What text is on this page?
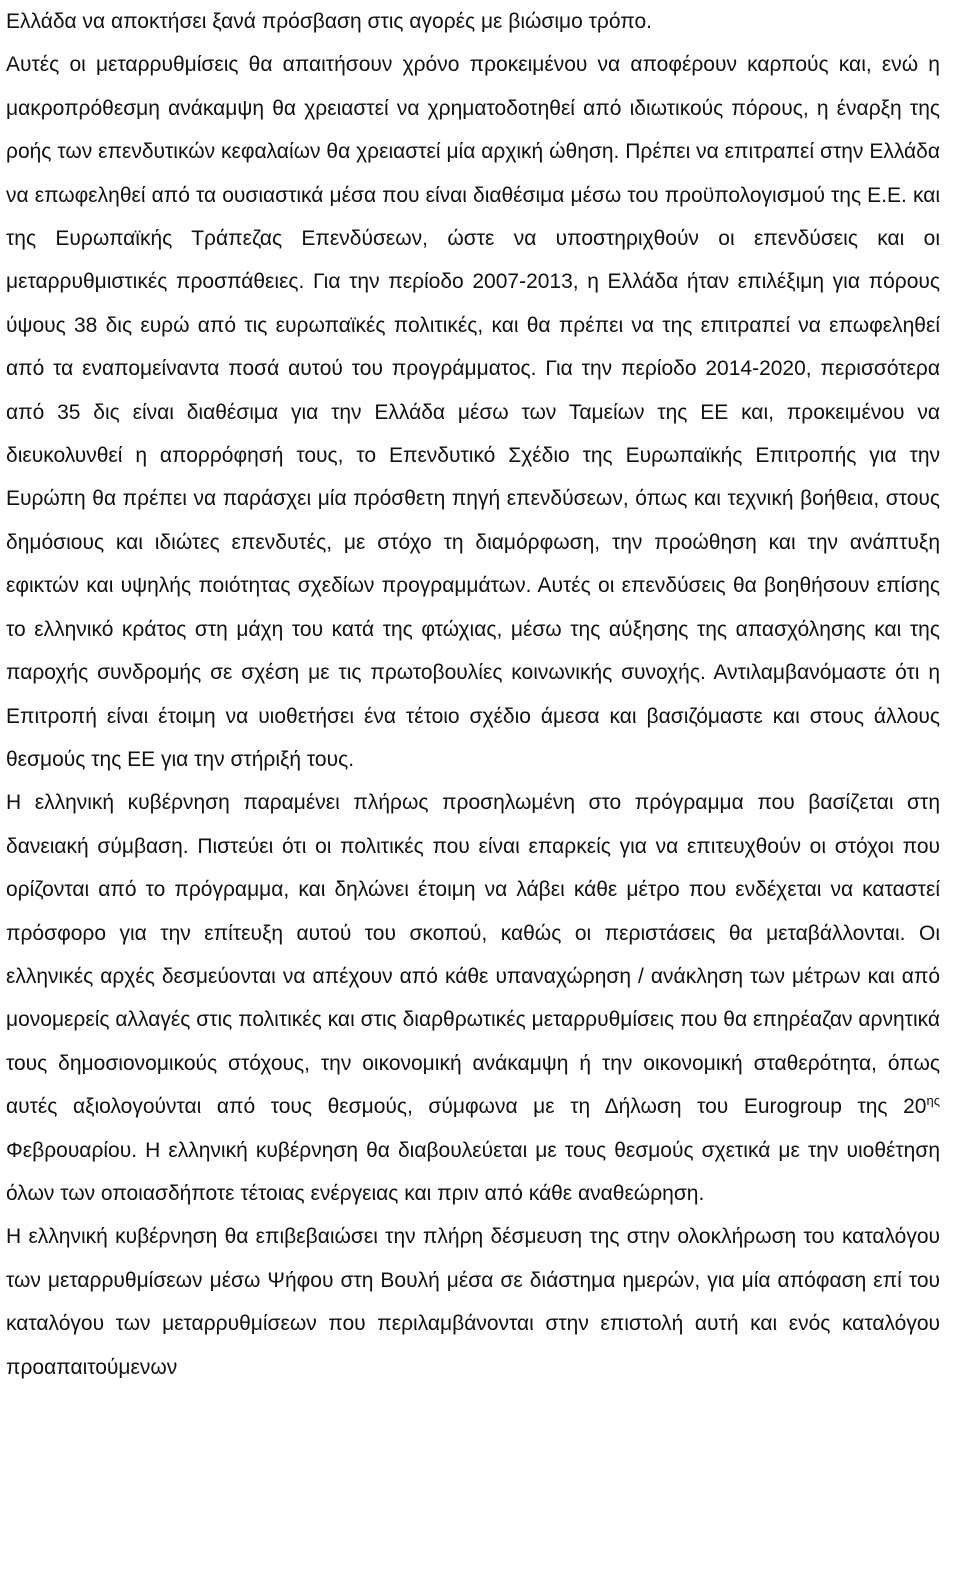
Ελλάδα να αποκτήσει ξανά πρόσβαση στις αγορές με βιώσιμο τρόπο.

Αυτές οι μεταρρυθμίσεις θα απαιτήσουν χρόνο προκειμένου να αποφέρουν καρπούς και, ενώ η μακροπρόθεσμη ανάκαμψη θα χρειαστεί να χρηματοδοτηθεί από ιδιωτικούς πόρους, η έναρξη της ροής των επενδυτικών κεφαλαίων θα χρειαστεί μία αρχική ώθηση. Πρέπει να επιτραπεί στην Ελλάδα να επωφεληθεί από τα ουσιαστικά μέσα που είναι διαθέσιμα μέσω του προϋπολογισμού της Ε.Ε. και της Ευρωπαϊκής Τράπεζας Επενδύσεων, ώστε να υποστηριχθούν οι επενδύσεις και οι μεταρρυθμιστικές προσπάθειες. Για την περίοδο 2007-2013, η Ελλάδα ήταν επιλέξιμη για πόρους ύψους 38 δις ευρώ από τις ευρωπαϊκές πολιτικές, και θα πρέπει να της επιτραπεί να επωφεληθεί από τα εναπομείναντα ποσά αυτού του προγράμματος. Για την περίοδο 2014-2020, περισσότερα από 35 δις είναι διαθέσιμα για την Ελλάδα μέσω των Ταμείων της ΕΕ και, προκειμένου να διευκολυνθεί η απορρόφησή τους, το Επενδυτικό Σχέδιο της Ευρωπαϊκής Επιτροπής για την Ευρώπη θα πρέπει να παράσχει μία πρόσθετη πηγή επενδύσεων, όπως και τεχνική βοήθεια, στους δημόσιους και ιδιώτες επενδυτές, με στόχο τη διαμόρφωση, την προώθηση και την ανάπτυξη εφικτών και υψηλής ποιότητας σχεδίων προγραμμάτων. Αυτές οι επενδύσεις θα βοηθήσουν επίσης το ελληνικό κράτος στη μάχη του κατά της φτώχιας, μέσω της αύξησης της απασχόλησης και της παροχής συνδρομής σε σχέση με τις πρωτοβουλίες κοινωνικής συνοχής. Αντιλαμβανόμαστε ότι η Επιτροπή είναι έτοιμη να υιοθετήσει ένα τέτοιο σχέδιο άμεσα και βασιζόμαστε και στους άλλους θεσμούς της ΕΕ για την στήριξή τους.

Η ελληνική κυβέρνηση παραμένει πλήρως προσηλωμένη στο πρόγραμμα που βασίζεται στη δανειακή σύμβαση. Πιστεύει ότι οι πολιτικές που είναι επαρκείς για να επιτευχθούν οι στόχοι που ορίζονται από το πρόγραμμα, και δηλώνει έτοιμη να λάβει κάθε μέτρο που ενδέχεται να καταστεί πρόσφορο για την επίτευξη αυτού του σκοπού, καθώς οι περιστάσεις θα μεταβάλλονται. Οι ελληνικές αρχές δεσμεύονται να απέχουν από κάθε υπαναχώρηση / ανάκληση των μέτρων και από μονομερείς αλλαγές στις πολιτικές και στις διαρθρωτικές μεταρρυθμίσεις που θα επηρέαζαν αρνητικά τους δημοσιονομικούς στόχους, την οικονομική ανάκαμψη ή την οικονομική σταθερότητα, όπως αυτές αξιολογούνται από τους θεσμούς, σύμφωνα με τη Δήλωση του Eurogroup της $20^{\eta\varsigma}$ Φεβρουαρίου. Η ελληνική κυβέρνηση θα διαβουλεύεται με τους θεσμούς σχετικά με την υιοθέτηση όλων των οποιασδήποτε τέτοιας ενέργειας και πριν από κάθε αναθεώρηση.

Η ελληνική κυβέρνηση θα επιβεβαιώσει την πλήρη δέσμευση της στην ολοκλήρωση του καταλόγου των μεταρρυθμίσεων μέσω Ψήφου στη Βουλή μέσα σε διάστημα ημερών, για μία απόφαση επί του καταλόγου των μεταρρυθμίσεων που περιλαμβάνονται στην επιστολή αυτή και ενός καταλόγου προαπαιτούμενων
